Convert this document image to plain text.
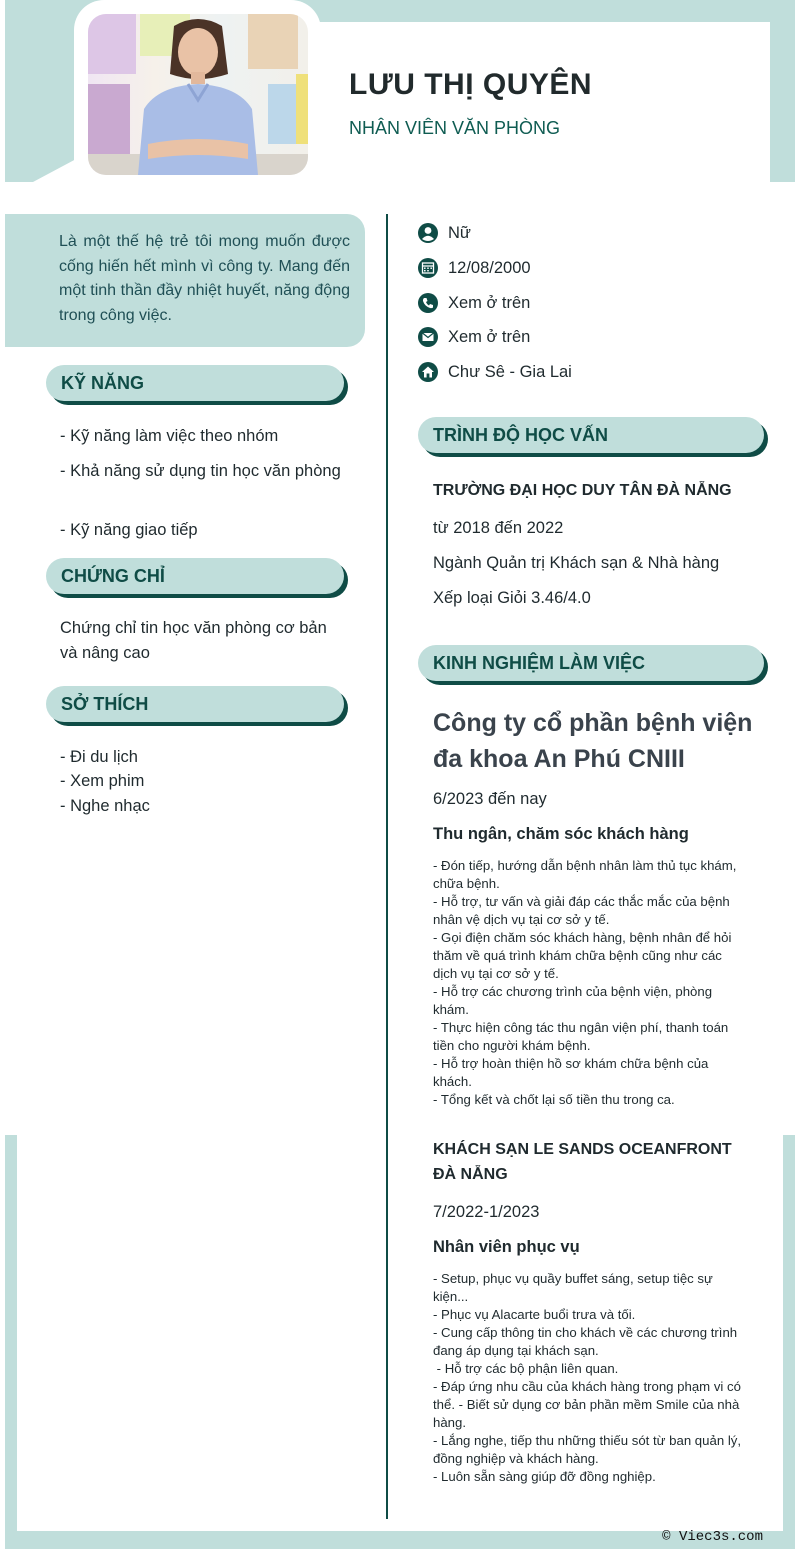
LƯU THỊ QUYÊN
NHÂN VIÊN VĂN PHÒNG

Là một thế hệ trẻ tôi mong muốn được cống hiến hết mình vì công ty. Mang đến một tinh thần đầy nhiệt huyết, năng động trong công việc.

KỸ NĂNG
- Kỹ năng làm việc theo nhóm
- Khả năng sử dụng tin học văn phòng
- Kỹ năng giao tiếp
CHỨNG CHỈ
Chứng chỉ tin học văn phòng cơ bản và nâng cao
SỞ THÍCH
- Đi du lịch
- Xem phim
- Nghe nhạc
Nữ
12/08/2000
Xem ở trên
Xem ở trên
Chư Sê - Gia Lai
TRÌNH ĐỘ HỌC VẤN
TRƯỜNG ĐẠI HỌC DUY TÂN ĐÀ NẴNG
từ 2018 đến 2022
Ngành Quản trị Khách sạn & Nhà hàng
Xếp loại Giỏi 3.46/4.0
KINH NGHIỆM LÀM VIỆC
Công ty cổ phần bệnh viện đa khoa An Phú CNIII
6/2023 đến nay
Thu ngân, chăm sóc khách hàng
- Đón tiếp, hướng dẫn bệnh nhân làm thủ tục khám, chữa bệnh.
- Hỗ trợ, tư vấn và giải đáp các thắc mắc của bệnh nhân vệ dịch vụ tại cơ sở y tế.
- Gọi điện chăm sóc khách hàng, bệnh nhân để hỏi thăm về quá trình khám chữa bệnh cũng như các dịch vụ tại cơ sở y tế.
- Hỗ trợ các chương trình của bệnh viện, phòng khám.
- Thực hiện công tác thu ngân viện phí, thanh toán tiền cho người khám bệnh.
- Hỗ trợ hoàn thiện hồ sơ khám chữa bệnh của khách.
- Tổng kết và chốt lại số tiền thu trong ca.
KHÁCH SẠN LE SANDS OCEANFRONT ĐÀ NẴNG
7/2022-1/2023
Nhân viên phục vụ
- Setup, phục vụ quầy buffet sáng, setup tiệc sự kiện...
- Phục vụ Alacarte buổi trưa và tối.
- Cung cấp thông tin cho khách về các chương trình đang áp dụng tại khách sạn.
- Hỗ trợ các bộ phận liên quan.
- Đáp ứng nhu cầu của khách hàng trong phạm vi có thể. - Biết sử dụng cơ bản phần mềm Smile của nhà hàng.
- Lắng nghe, tiếp thu những thiếu sót từ ban quản lý, đồng nghiệp và khách hàng.
- Luôn sẵn sàng giúp đỡ đồng nghiệp.
© Viec3s.com
